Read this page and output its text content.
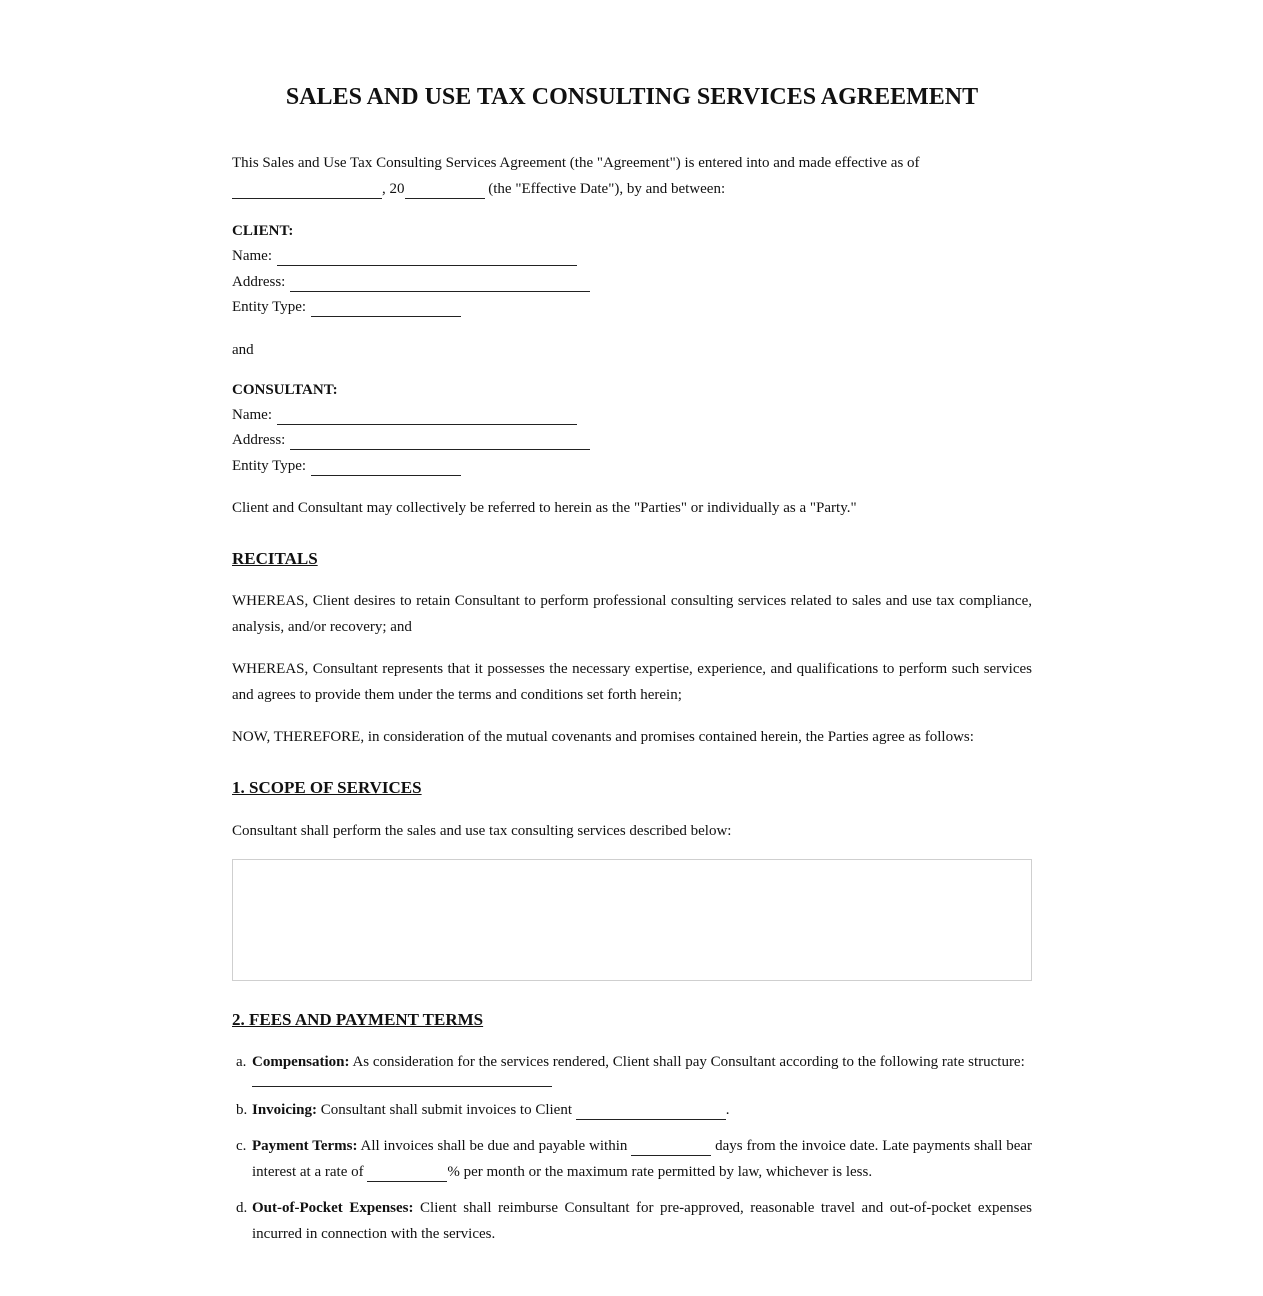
SALES AND USE TAX CONSULTING SERVICES AGREEMENT

This Sales and Use Tax Consulting Services Agreement (the "Agreement") is entered into and made effective as of
, 20	(the "Effective Date"), by and between:

CLIENT:
Name:
Address:
Entity Type:

and

CONSULTANT:
Name:
Address:
Entity Type:

Client and Consultant may collectively be referred to herein as the "Parties" or individually as a "Party."

RECITALS

WHEREAS, Client desires to retain Consultant to perform professional consulting services related to sales and use tax compliance, analysis, and/or recovery; and

WHEREAS, Consultant represents that it possesses the necessary expertise, experience, and qualifications to perform such services and agrees to provide them under the terms and conditions set forth herein;

NOW, THEREFORE, in consideration of the mutual covenants and promises contained herein, the Parties agree as follows:

1. SCOPE OF SERVICES

Consultant shall perform the sales and use tax consulting services described below:

2. FEES AND PAYMENT TERMS
a. Compensation: As consideration for the services rendered, Client shall pay Consultant according to the following rate structure:
b. Invoicing: Consultant shall submit invoices to Client	.
c. Payment Terms: All invoices shall be due and payable within	days from the invoice date. Late payments shall bear interest at a rate of	% per month or the maximum rate permitted by law, whichever is less.
d. Out-of-Pocket Expenses: Client shall reimburse Consultant for pre-approved, reasonable travel and out-of-pocket expenses incurred in connection with the services.
